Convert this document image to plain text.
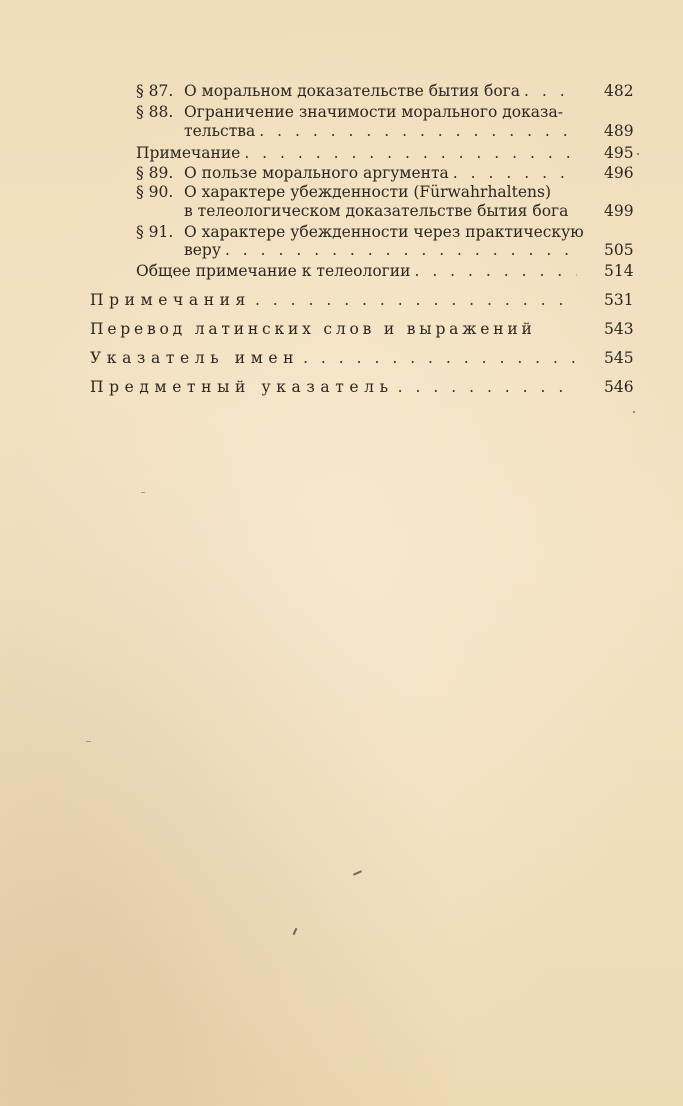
§ 87. О моральном доказательстве бытия бога . . .	482
§ 88. Ограничение значимости морального доказа-
тельства . . .	489
Примечание . . .	495
§ 89. О пользе морального аргумента . . .	496
§ 90. О характере убежденности (Fürwahrhaltens)
в телеологическом доказательстве бытия бога 499
§ 91. О характере убежденности через практическую
веру . . .	505
Общее примечание к телеологии . . .	514
Примечания . . .	531
Перевод латинских слов и выражений	543
Указатель имен . . .	545
Предметный указатель . . .	546
